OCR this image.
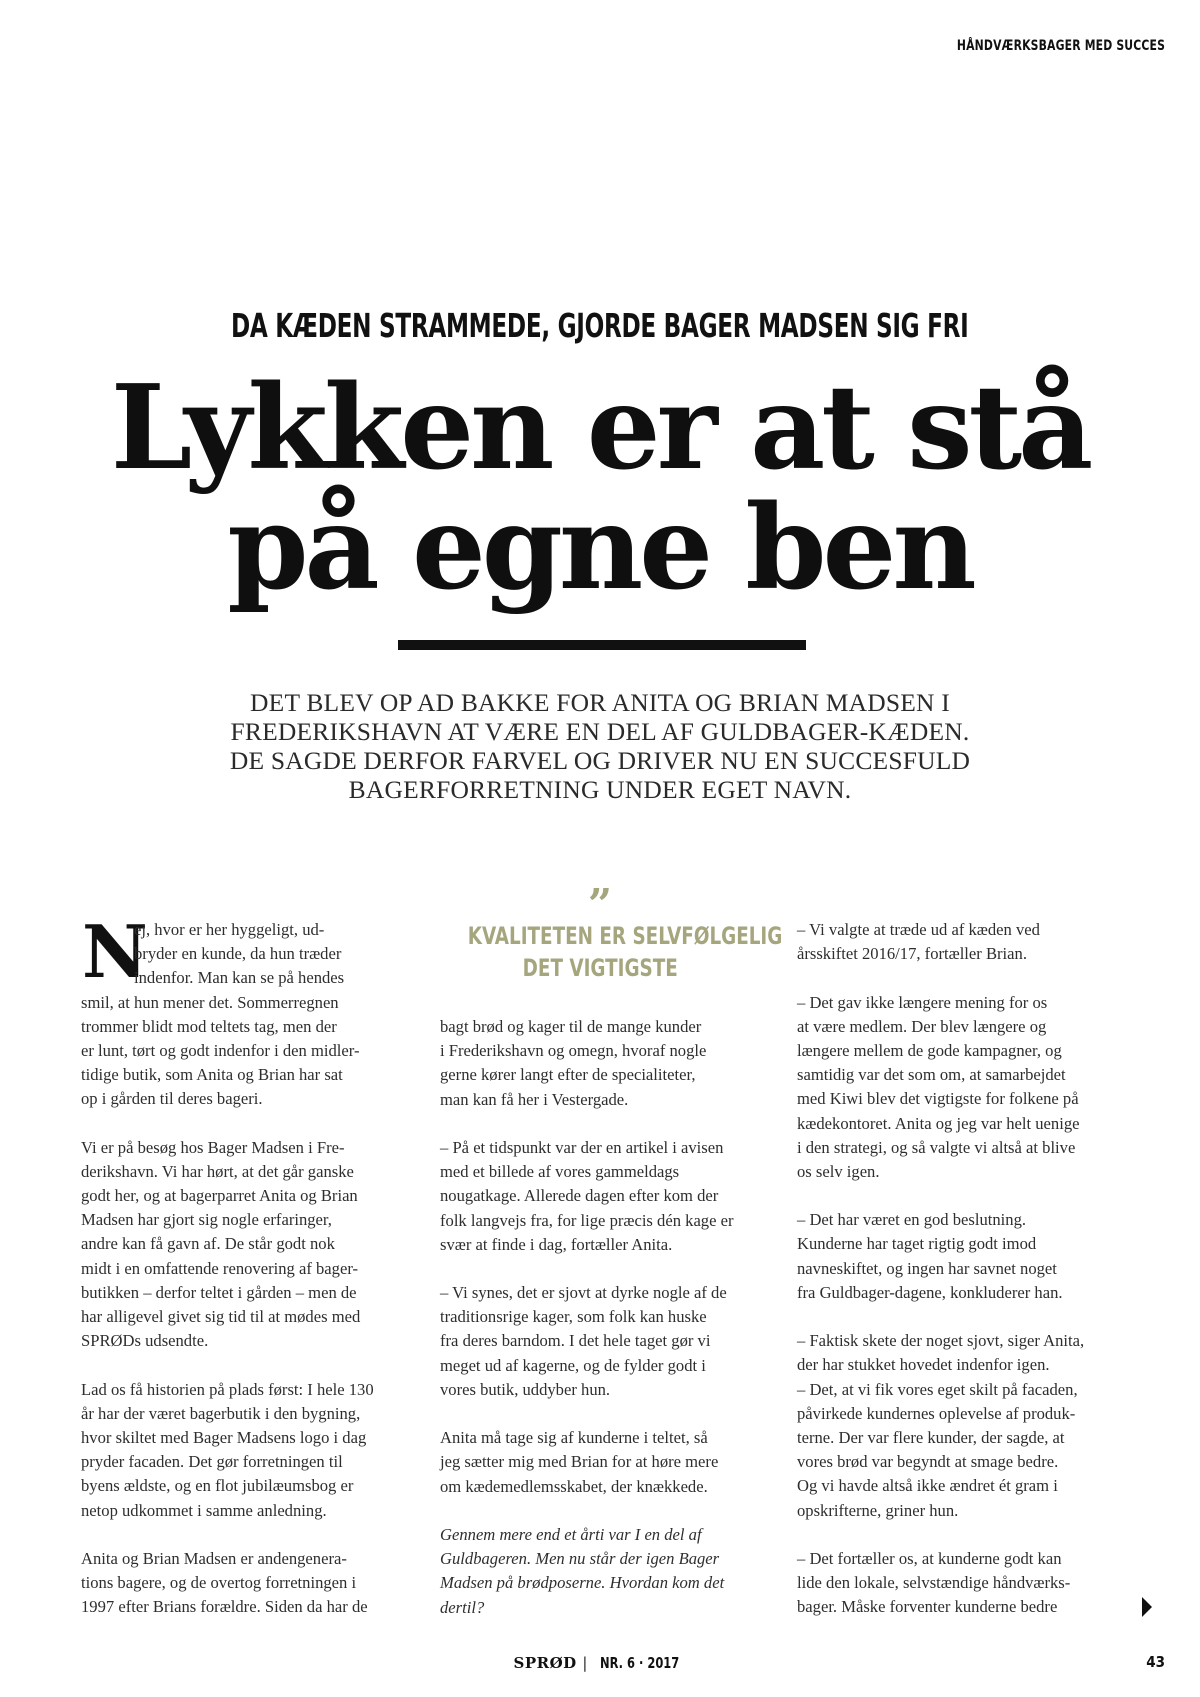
HÅNDVÆRKSBAGER MED SUCCES
DA KÆDEN STRAMMEDE, GJORDE BAGER MADSEN SIG FRI
Lykken er at stå
på egne ben
DET BLEV OP AD BAKKE FOR ANITA OG BRIAN MADSEN I
FREDERIKSHAVN AT VÆRE EN DEL AF GULDBAGER-KÆDEN.
DE SAGDE DERFOR FARVEL OG DRIVER NU EN SUCCESFULD
BAGERFORRETNING UNDER EGET NAVN.
N
ej, hvor er her hyggeligt, ud-
bryder en kunde, da hun træder
indenfor. Man kan se på hendes
smil, at hun mener det. Sommerregnen
trommer blidt mod teltets tag, men der
er lunt, tørt og godt indenfor i den midler-
tidige butik, som Anita og Brian har sat
op i gården til deres bageri.
Vi er på besøg hos Bager Madsen i Fre-
derikshavn. Vi har hørt, at det går ganske
godt her, og at bagerparret Anita og Brian
Madsen har gjort sig nogle erfaringer,
andre kan få gavn af. De står godt nok
midt i en omfattende renovering af bager-
butikken – derfor teltet i gården – men de
har alligevel givet sig tid til at mødes med
SPRØDs udsendte.
Lad os få historien på plads først: I hele 130
år har der været bagerbutik i den bygning,
hvor skiltet med Bager Madsens logo i dag
pryder facaden. Det gør forretningen til
byens ældste, og en flot jubilæumsbog er
netop udkommet i samme anledning.
Anita og Brian Madsen er andengenera-
tions bagere, og de overtog forretningen i
1997 efter Brians forældre. Siden da har de
”
KVALITETEN ER SELVFØLGELIG
DET VIGTIGSTE
bagt brød og kager til de mange kunder
i Frederikshavn og omegn, hvoraf nogle
gerne kører langt efter de specialiteter,
man kan få her i Vestergade.
– På et tidspunkt var der en artikel i avisen
med et billede af vores gammeldags
nougatkage. Allerede dagen efter kom der
folk langvejs fra, for lige præcis dén kage er
svær at finde i dag, fortæller Anita.
– Vi synes, det er sjovt at dyrke nogle af de
traditionsrige kager, som folk kan huske
fra deres barndom. I det hele taget gør vi
meget ud af kagerne, og de fylder godt i
vores butik, uddyber hun.
Anita må tage sig af kunderne i teltet, så
jeg sætter mig med Brian for at høre mere
om kædemedlemsskabet, der knækkede.
Gennem mere end et årti var I en del af
Guldbageren. Men nu står der igen Bager
Madsen på brødposerne. Hvordan kom det
dertil?
– Vi valgte at træde ud af kæden ved
årsskiftet 2016/17, fortæller Brian.
– Det gav ikke længere mening for os
at være medlem. Der blev længere og
længere mellem de gode kampagner, og
samtidig var det som om, at samarbejdet
med Kiwi blev det vigtigste for folkene på
kædekontoret. Anita og jeg var helt uenige
i den strategi, og så valgte vi altså at blive
os selv igen.
– Det har været en god beslutning.
Kunderne har taget rigtig godt imod
navneskiftet, og ingen har savnet noget
fra Guldbager-dagene, konkluderer han.
– Faktisk skete der noget sjovt, siger Anita,
der har stukket hovedet indenfor igen.
– Det, at vi fik vores eget skilt på facaden,
påvirkede kundernes oplevelse af produk-
terne. Der var flere kunder, der sagde, at
vores brød var begyndt at smage bedre.
Og vi havde altså ikke ændret ét gram i
opskrifterne, griner hun.
– Det fortæller os, at kunderne godt kan
lide den lokale, selvstændige håndværks-
bager. Måske forventer kunderne bedre
SPRØD | NR. 6 · 2017	43
